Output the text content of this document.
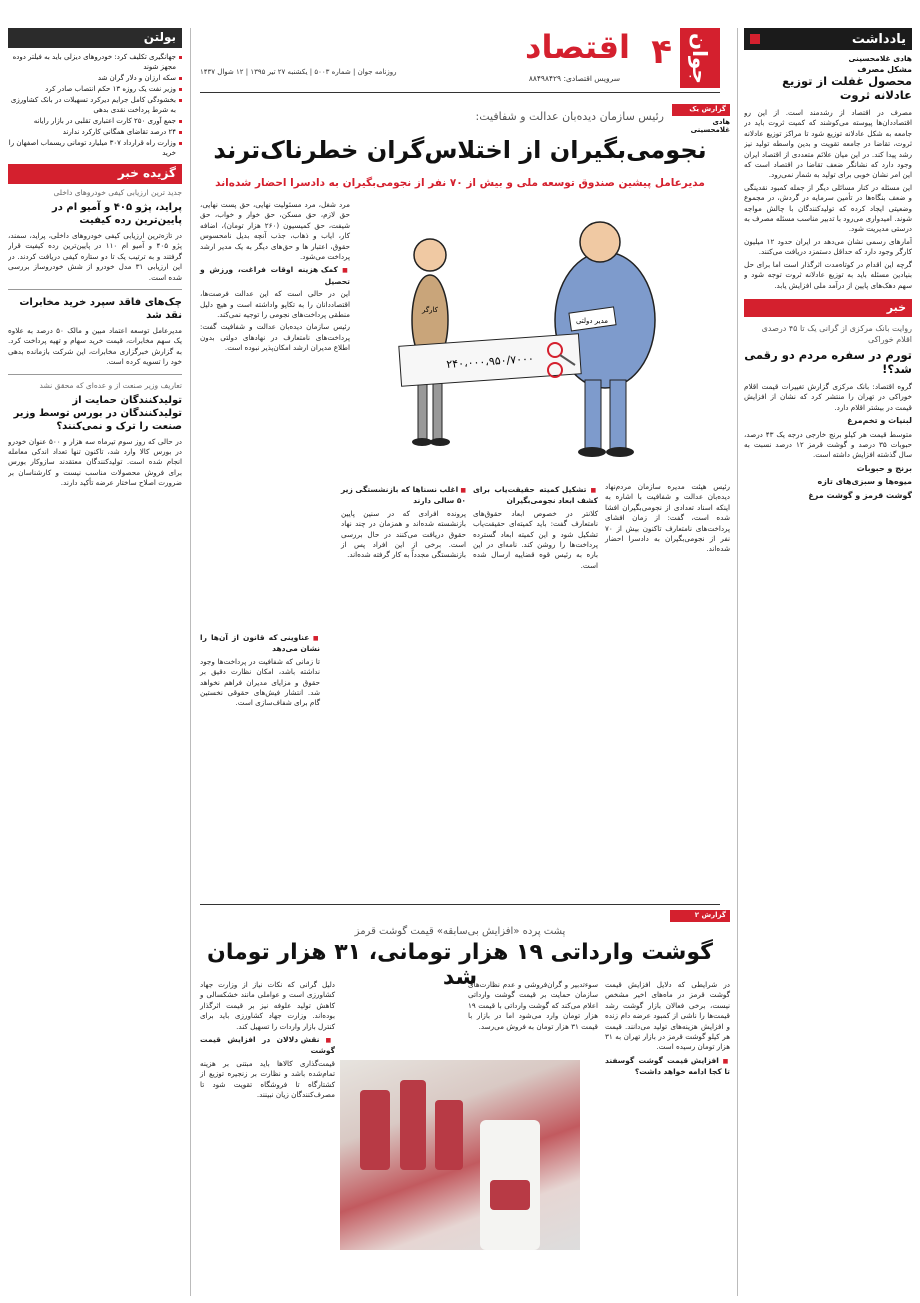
یادداشت
هادی غلامحسینی
مشکل مصرف
محصول غفلت از توزیع عادلانه ثروت

مصرف در اقتصاد از رشدمند است. از این رو اقتصاددان‌ها پیوسته می‌کوشند که کمیت ثروت باید در جامعه به شکل عادلانه توزیع شود تا مراکز توزیع عادلانه ثروت، تقاضا در جامعه تقویت و بدین واسطه تولید نیز رشد پیدا کند. در این میان علائم متعددی از اقتصاد ایران وجود دارد که نشانگر ضعف تقاضا در اقتصاد است که این امر نشان خوبی برای تولید به شمار نمی‌رود.

این مسئله در کنار مسائلی دیگر از جمله کمبود نقدینگی و ضعف بنگاه‌ها در تأمین سرمایه در گردش، در مجموع وضعیتی ایجاد کرده که تولیدکنندگان با چالش مواجه شوند. امیدواری می‌رود با تدبیر مناسب مسئله مصرف به درستی مدیریت شود.

آمارهای رسمی نشان می‌دهد در ایران حدود ۱۲ میلیون کارگر وجود دارد که حداقل دستمزد دریافت می‌کنند.

گرچه این اقدام در کوتاه‌مدت اثرگذار است اما برای حل بنیادین مسئله باید به توزیع عادلانه ثروت توجه شود و سهم دهک‌های پایین از درآمد ملی افزایش یابد.

خبر
روایت بانک مرکزی از گرانی یک تا ۴۵ درصدی اقلام خوراکی
تورم در سفره مردم دو رقمی شد؟!

گروه اقتصاد: بانک مرکزی گزارش تغییرات قیمت اقلام خوراکی در تهران را منتشر کرد که نشان از افزایش قیمت در بیشتر اقلام دارد.

لبنیات و تخم‌مرغ

متوسط قیمت هر کیلو برنج خارجی درجه یک ۴۳ درصد، حبوبات ۳۵ درصد و گوشت قرمز ۱۲ درصد نسبت به سال گذشته افزایش داشته است.

برنج و حبوبات
میوه‌ها و سبزی‌های تازه
گوشت قرمز و گوشت مرغ
بولتن
جهانگیری تکلیف کرد: خودروهای دیزلی باید به فیلتر دوده مجهز شوند
سکه ارزان و دلار گران شد
وزیر نفت یک روزه ۱۳ حکم انتصاب صادر کرد
بخشودگی کامل جرایم دیرکرد تسهیلات در بانک کشاورزی به شرط پرداخت نقدی بدهی
جمع آوری ۲۵۰ کارت اعتباری تقلبی در بازار رایانه
۲۴ درصد تقاضای همگانی کارکرد ندارند
وزارت راه قرارداد ۳۰۷ میلیارد تومانی ریسماب اصفهان را خرید
گزیده خبر
جدید ترین ارزیابی کیفی خودروهای داخلی
پراید، پژو ۴۰۵ و آمیو ام در پایین‌ترین رده کیفیت
در تازه‌ترین ارزیابی کیفی خودروهای داخلی، پراید، سمند، پژو ۴۰۵ و آمیو ام ۱۱۰ در پایین‌ترین رده کیفیت قرار گرفتند و به ترتیب یک تا دو ستاره کیفی دریافت کردند. در این ارزیابی ۳۱ مدل خودرو از شش خودروساز بررسی شده است.
چک‌های فاقد سپرد خرید مخابرات نقد شد
مدیرعامل توسعه اعتماد مبین و مالک ۵۰ درصد به علاوه یک سهم مخابرات، قیمت خرید سهام و تهیه پرداخت کرد. به گزارش خبرگزاری مخابرات، این شرکت بازمانده بدهی خود را تسویه کرده است.
تعاریف وزیر صنعت از و عده‌ای که محقق نشد
تولیدکنندگان حمایت از تولیدکنندگان در بورس توسط وزیر صنعت را ترک و نمی‌کنند؟
در حالی که روز سوم تیرماه سه هزار و ۵۰۰ عنوان خودرو در بورس کالا وارد شد، تاکنون تنها تعداد اندکی معامله انجام شده است. تولیدکنندگان معتقدند سازوکار بورس برای فروش محصولات مناسب نیست و کارشناسان بر ضرورت اصلاح ساختار عرضه تأکید دارند.
جوان
۴
اقتصاد
روزنامه جوان | شماره ۵۰۰۳ | یکشنبه ۲۷ تیر ۱۳۹۵ | ۱۲ شوال ۱۴۳۷
سرویس اقتصادی: ۸۸۴۹۸۴۲۹
گزارش یک
هادی غلامحسینی
رئیس سازمان دیده‌بان عدالت و شفافیت:
نجومی‌بگیران از اختلاس‌گران خطرناک‌ترند
مدیرعامل پیشین صندوق توسعه ملی و بیش از ۷۰ نفر از نجومی‌بگیران به دادسرا احضار شده‌اند
مدیر دولتی
کارگر
۲۴۰،۰۰۰،۹۵۰/۷۰۰۰

مرد شغل، مرد مسئولیت نهایی، حق پست نهایی، حق لازم، حق مسکن، حق خوار و خواب، حق شیفت، حق کمیسیون (۲۶۰ هزار تومان)، اضافه کار، ایاب و ذهاب، جذب آنچه بدیل نامحسوس حقوق، اعتبار ها و حق‌های دیگر به یک مدیر ارشد پرداخت می‌شود.

■ کمک هزینه اوقات فراغت، ورزش و تحصیل

این در حالی است که این عدالت فرصت‌ها، اقتصاددانان را به تکاپو واداشته است و هیچ دلیل منطقی پرداخت‌های نجومی را توجیه نمی‌کند.

رئیس سازمان دیده‌بان عدالت و شفافیت گفت: پرداخت‌های نامتعارف در نهادهای دولتی بدون اطلاع مدیران ارشد امکان‌پذیر نبوده است.

رئیس هیئت مدیره سازمان مردم‌نهاد دیده‌بان عدالت و شفافیت با اشاره به اینکه اسناد تعدادی از نجومی‌بگیران افشا شده است، گفت: از زمان افشای پرداخت‌های نامتعارف تاکنون بیش از ۷۰ نفر از نجومی‌بگیران به دادسرا احضار شده‌اند.

■ تشکیل کمیته حقیقت‌یاب برای کشف ابعاد نجومی‌بگیران

کلانتر در خصوص ابعاد حقوق‌های نامتعارف گفت: باید کمیته‌ای حقیقت‌یاب تشکیل شود و این کمیته ابعاد گسترده پرداخت‌ها را روشن کند. نامه‌ای در این باره به رئیس قوه قضاییه ارسال شده است.

■ اغلب نسنا‌ها که بازنشستگی زیر ۵۰ سالی دارند

پرونده افرادی که در سنین پایین بازنشسته شده‌اند و همزمان در چند نهاد حقوق دریافت می‌کنند در حال بررسی است. برخی از این افراد پس از بازنشستگی مجدداً به کار گرفته شده‌اند.

■ عناوینی که قانون از آن‌ها را نشان می‌دهد

تا زمانی که شفافیت در پرداخت‌ها وجود نداشته باشد، امکان نظارت دقیق بر حقوق و مزایای مدیران فراهم نخواهد شد. انتشار فیش‌های حقوقی نخستین گام برای شفاف‌سازی است.

گزارش ۲
پشت پرده «افزایش بی‌سابقه» قیمت گوشت قرمز
گوشت وارداتی ۱۹ هزار تومانی، ۳۱ هزار تومان شد	در شرایطی که دلایل افزایش قیمت گوشت قرمز در ماه‌های اخیر مشخص نیست، برخی فعالان بازار گوشت رشد قیمت‌ها را ناشی از کمبود عرضه دام زنده و افزایش هزینه‌های تولید می‌دانند. قیمت هر کیلو گوشت قرمز در بازار تهران به ۳۱ هزار تومان رسیده است.

■ افزایش قیمت گوشت گوسفند تا کجا ادامه خواهد داشت؟

سوءتدبیر و گران‌فروشی و عدم نظارت‌های سازمان حمایت بر قیمت گوشت وارداتی اعلام می‌کند که گوشت وارداتی با قیمت ۱۹ هزار تومان وارد می‌شود اما در بازار با قیمت ۳۱ هزار تومان به فروش می‌رسد.

دلیل گرانی که نکات نیاز از وزارت جهاد کشاورزی است و عواملی مانند خشکسالی و کاهش تولید علوفه نیز بر قیمت اثرگذار بوده‌اند. وزارت جهاد کشاورزی باید برای کنترل بازار واردات را تسهیل کند.

■ نقش دلالان در افزایش قیمت گوشت

قیمت‌گذاری کالاها باید مبتنی بر هزینه تمام‌شده باشد و نظارت بر زنجیره توزیع از کشتارگاه تا فروشگاه تقویت شود تا مصرف‌کنندگان زیان نبینند.
